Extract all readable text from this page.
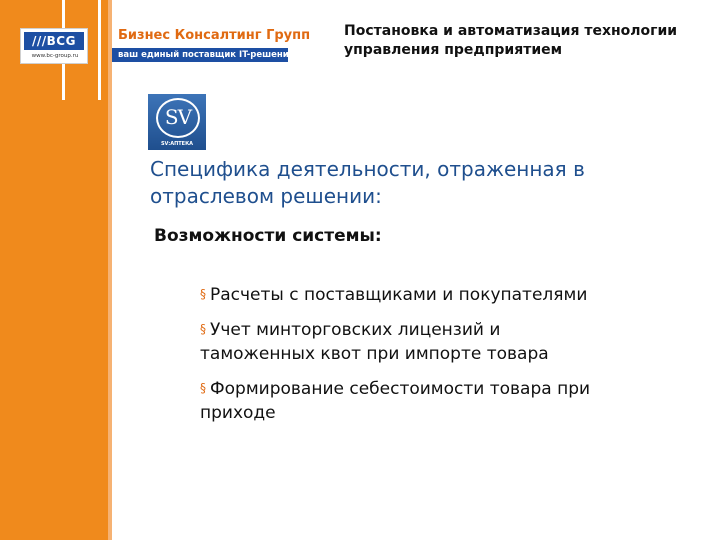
///BCG
www.bc-group.ru
Бизнес Консалтинг Групп
ваш единый поставщик IT-решений
Постановка и автоматизация технологии управления предприятием
SV
SV:АПТЕКА
Специфика деятельности, отраженная в отраслевом решении:
Возможности системы:
§ Расчеты с поставщиками и покупателями
§ Учет минторговских лицензий и таможенных квот при импорте товара
§ Формирование себестоимости товара при приходе
